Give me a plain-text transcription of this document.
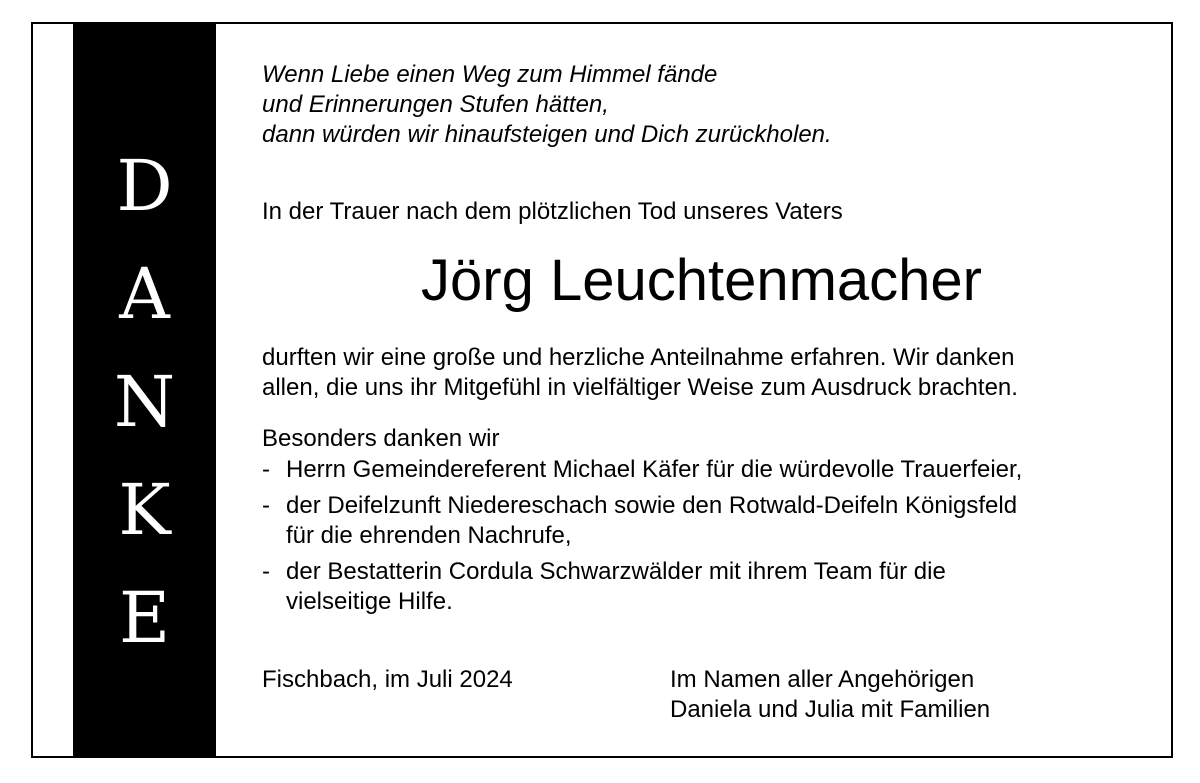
D
A
N
K
E
Wenn Liebe einen Weg zum Himmel fände
und Erinnerungen Stufen hätten,
dann würden wir hinaufsteigen und Dich zurückholen.
In der Trauer nach dem plötzlichen Tod unseres Vaters
Jörg Leuchtenmacher
durften wir eine große und herzliche Anteilnahme erfahren. Wir danken
allen, die uns ihr Mitgefühl in vielfältiger Weise zum Ausdruck brachten.
Besonders danken wir
- Herrn Gemeindereferent Michael Käfer für die würdevolle Trauerfeier,
- der Deifelzunft Niedereschach sowie den Rotwald-Deifeln Königsfeld
für die ehrenden Nachrufe,
- der Bestatterin Cordula Schwarzwälder mit ihrem Team für die
vielseitige Hilfe.
Fischbach, im Juli 2024	Im Namen aller Angehörigen
Daniela und Julia mit Familien
